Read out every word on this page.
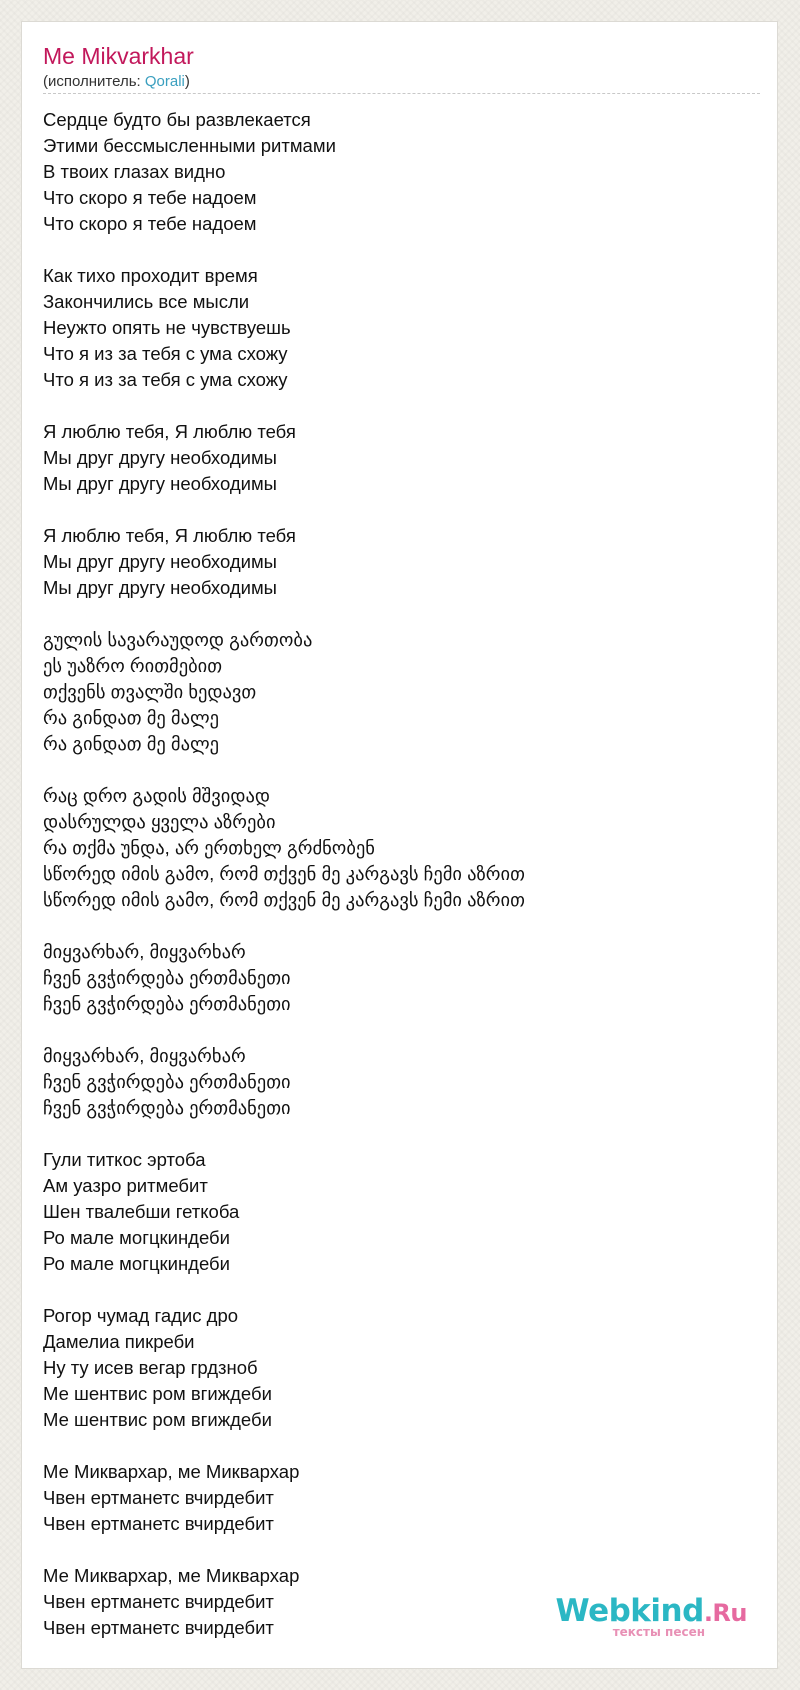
Me Mikvarkhar
(исполнитель: Qorali)
Сердце будто бы развлекается
Этими бессмысленными ритмами
В твоих глазах видно
Что скоро я тебе надоем
Что скоро я тебе надоем
Как тихо проходит время
Закончились все мысли
Неужто опять не чувствуешь
Что я из за тебя с ума схожу
Что я из за тебя с ума схожу
Я люблю тебя, Я люблю тебя
Мы друг другу необходимы
Мы друг другу необходимы
Я люблю тебя, Я люблю тебя
Мы друг другу необходимы
Мы друг другу необходимы
გულის სავარაუდოდ გართობა
ეს უაზრო რითმებით
თქვენს თვალში ხედავთ
რა გინდათ მე მალე
რა გინდათ მე მალე
რაც დრო გადის მშვიდად
დასრულდა ყველა აზრები
რა თქმა უნდა, არ ერთხელ გრძნობენ
სწორედ იმის გამო, რომ თქვენ მე კარგავს ჩემი აზრით
სწორედ იმის გამო, რომ თქვენ მე კარგავს ჩემი აზრით
მიყვარხარ, მიყვარხარ
ჩვენ გვჭირდება ერთმანეთი
ჩვენ გვჭირდება ერთმანეთი
მიყვარხარ, მიყვარხარ
ჩვენ გვჭირდება ერთმანეთი
ჩვენ გვჭირდება ერთმანეთი
Гули титкос эртоба
Ам уазро ритмебит
Шен твалебши геткоба
Ро мале могцкиндеби
Ро мале могцкиндеби
Рогор чумад гадис дро
Дамелиа пикреби
Ну ту исев вегар грдзноб
Ме шентвис ром вгиждеби
Ме шентвис ром вгиждеби
Ме Миквархар, ме Миквархар
Чвен ертманетс вчирдебит
Чвен ертманетс вчирдебит
Ме Миквархар, ме Миквархар
Чвен ертманетс вчирдебит
Чвен ертманетс вчирдебит	Webkind.Ru
тексты песен
